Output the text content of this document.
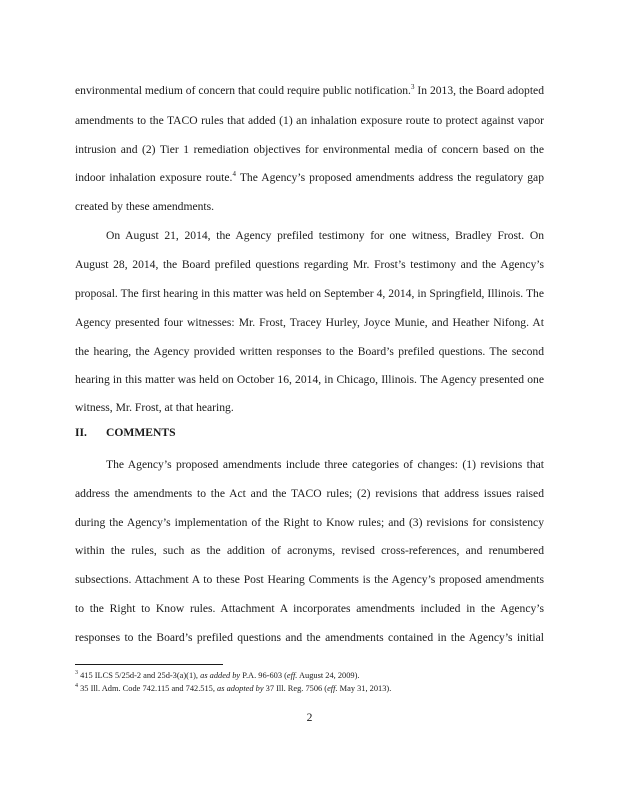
environmental medium of concern that could require public notification.$^3$ In 2013, the Board adopted
amendments to the TACO rules that added (1) an inhalation exposure route to protect against vapor
intrusion and (2) Tier 1 remediation objectives for environmental media of concern based on the
indoor inhalation exposure route.$^4$ The Agency’s proposed amendments address the regulatory gap
created by these amendments.
On August 21, 2014, the Agency prefiled testimony for one witness, Bradley Frost. On
August 28, 2014, the Board prefiled questions regarding Mr. Frost’s testimony and the Agency’s
proposal. The first hearing in this matter was held on September 4, 2014, in Springfield, Illinois. The
Agency presented four witnesses: Mr. Frost, Tracey Hurley, Joyce Munie, and Heather Nifong. At
the hearing, the Agency provided written responses to the Board’s prefiled questions. The second
hearing in this matter was held on October 16, 2014, in Chicago, Illinois. The Agency presented one
witness, Mr. Frost, at that hearing.
II. COMMENTS
The Agency’s proposed amendments include three categories of changes: (1) revisions that
address the amendments to the Act and the TACO rules; (2) revisions that address issues raised
during the Agency’s implementation of the Right to Know rules; and (3) revisions for consistency
within the rules, such as the addition of acronyms, revised cross-references, and renumbered
subsections. Attachment A to these Post Hearing Comments is the Agency’s proposed amendments
to the Right to Know rules. Attachment A incorporates amendments included in the Agency’s
responses to the Board’s prefiled questions and the amendments contained in the Agency’s initial
$^3$ 415 ILCS 5/25d-2 and 25d-3(a)(1), as added by P.A. 96-603 (eff. August 24, 2009).
$^4$ 35 Ill. Adm. Code 742.115 and 742.515, as adopted by 37 Ill. Reg. 7506 (eff. May 31, 2013).
2
